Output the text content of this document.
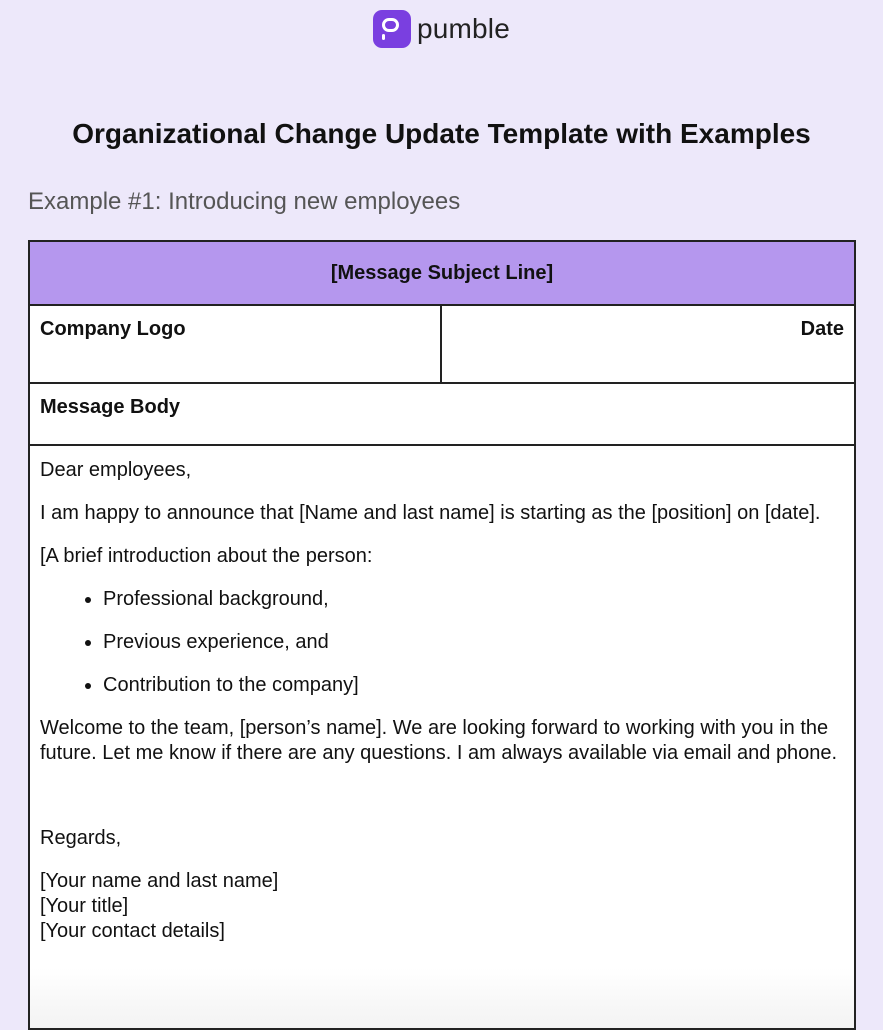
pumble
Organizational Change Update Template with Examples
Example #1: Introducing new employees
[Message Subject Line]
Company Logo	Date
Message Body

Dear employees,

I am happy to announce that [Name and last name] is starting as the [position] on [date].

[A brief introduction about the person:

• Professional background,
• Previous experience, and
• Contribution to the company]

Welcome to the team, [person’s name]. We are looking forward to working with you in the future. Let me know if there are any questions. I am always available via email and phone.

Regards,

[Your name and last name]
[Your title]
[Your contact details]
